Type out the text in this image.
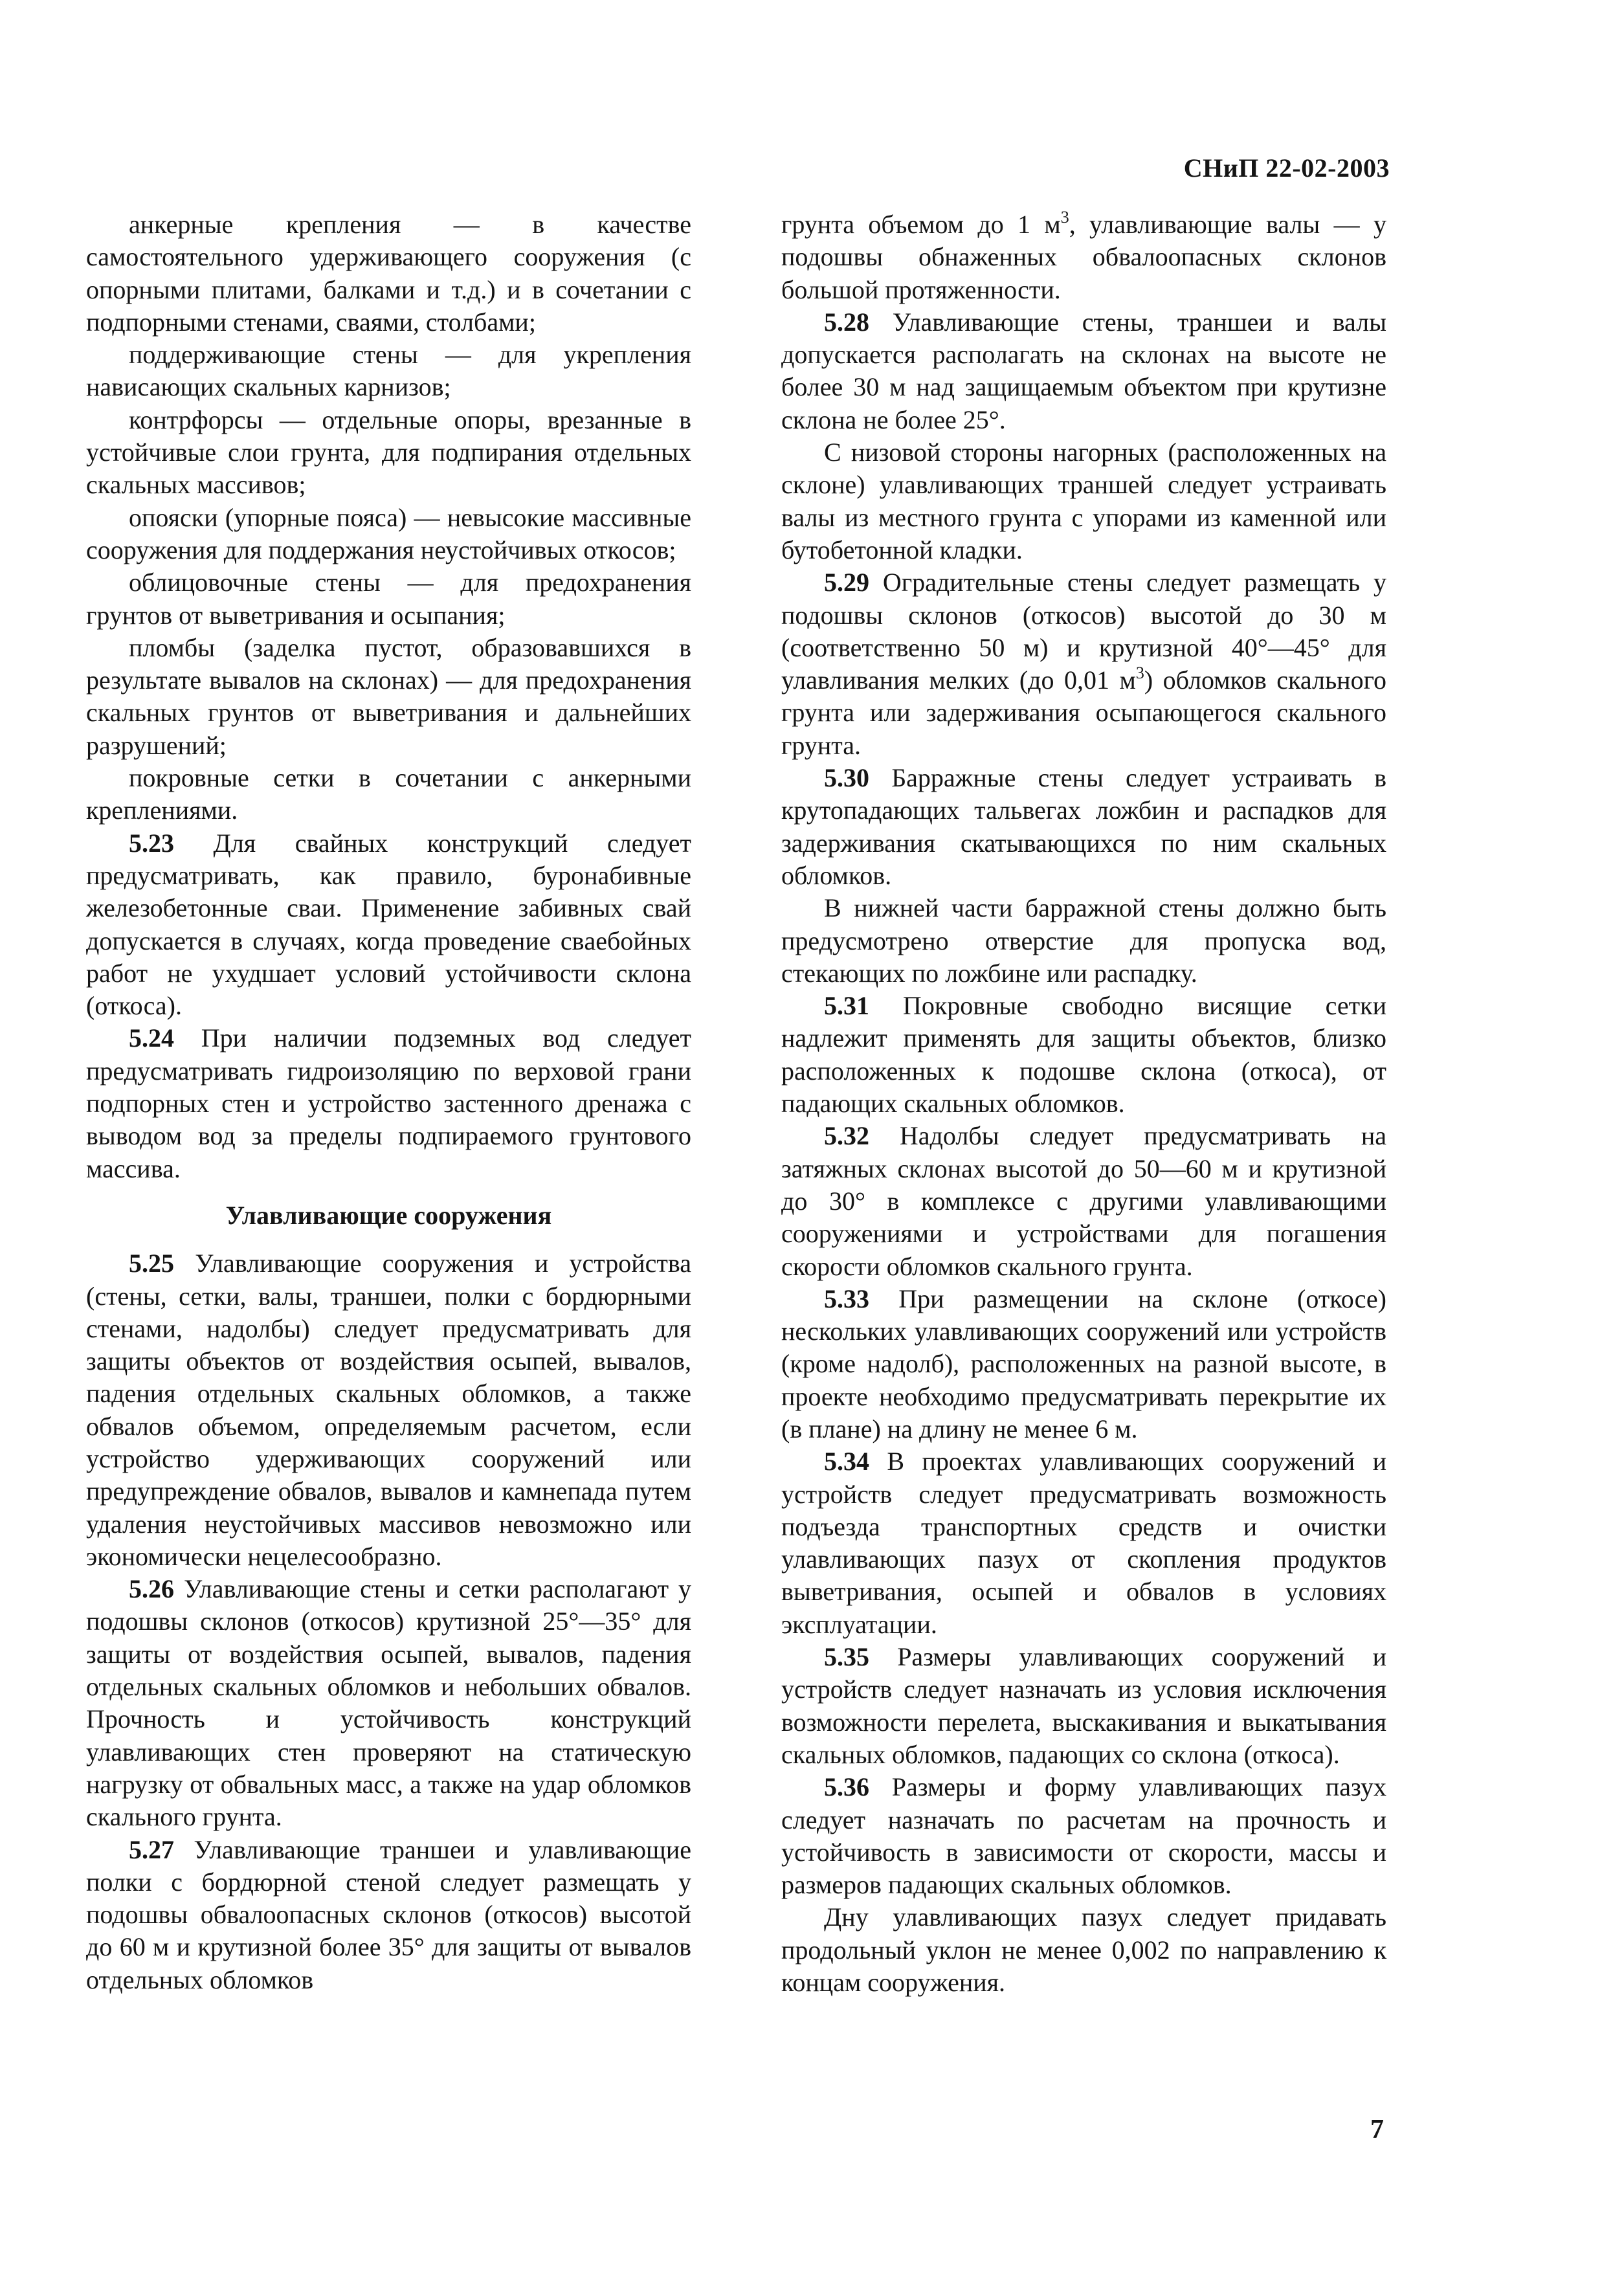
СНиП 22-02-2003

анкерные крепления — в качестве самостоятельного удерживающего сооружения (с опорными плитами, балками и т.д.) и в сочетании с подпорными стенами, сваями, столбами;

поддерживающие стены — для укрепления нависающих скальных карнизов;

контрфорсы — отдельные опоры, врезанные в устойчивые слои грунта, для подпирания отдельных скальных массивов;

опояски (упорные пояса) — невысокие массивные сооружения для поддержания неустойчивых откосов;

облицовочные стены — для предохранения грунтов от выветривания и осыпания;

пломбы (заделка пустот, образовавшихся в результате вывалов на склонах) — для предохранения скальных грунтов от выветривания и дальнейших разрушений;

покровные сетки в сочетании с анкерными креплениями.

5.23 Для свайных конструкций следует предусматривать, как правило, буронабивные железобетонные сваи. Применение забивных свай допускается в случаях, когда проведение свaебойных работ не ухудшает условий устойчивости склона (откоса).

5.24 При наличии подземных вод следует предусматривать гидроизоляцию по верховой грани подпорных стен и устройство застенного дренажа с выводом вод за пределы подпираемого грунтового массива.

Улавливающие сооружения

5.25 Улавливающие сооружения и устройства (стены, сетки, валы, траншеи, полки с бордюрными стенами, надолбы) следует предусматривать для защиты объектов от воздействия осыпей, вывалов, падения отдельных скальных обломков, а также обвалов объемом, определяемым расчетом, если устройство удерживающих сооружений или предупреждение обвалов, вывалов и камнепада путем удаления неустойчивых массивов невозможно или экономически нецелесообразно.

5.26 Улавливающие стены и сетки располагают у подошвы склонов (откосов) крутизной 25°—35° для защиты от воздействия осыпей, вывалов, падения отдельных скальных обломков и небольших обвалов. Прочность и устойчивость конструкций улавливающих стен проверяют на статическую нагрузку от обвальных масс, а также на удар обломков скального грунта.

5.27 Улавливающие траншеи и улавливающие полки с бордюрной стеной следует размещать у подошвы обвалоопасных склонов (откосов) высотой до 60 м и крутизной более 35° для защиты от вывалов отдельных обломков

грунта объемом до 1 $м^3$, улавливающие валы — у подошвы обнаженных обвалоопасных склонов большой протяженности.

5.28 Улавливающие стены, траншеи и валы допускается располагать на склонах на высоте не более 30 м над защищаемым объектом при крутизне склона не более 25°.

С низовой стороны нагорных (расположенных на склоне) улавливающих траншей следует устраивать валы из местного грунта с упорами из каменной или бутобетонной кладки.

5.29 Оградительные стены следует размещать у подошвы склонов (откосов) высотой до 30 м (соответственно 50 м) и крутизной 40°—45° для улавливания мелких (до 0,01 $м^3$) обломков скального грунта или задерживания осыпающегося скального грунта.

5.30 Барражные стены следует устраивать в крутопадающих тальвегах ложбин и распадков для задерживания скатывающихся по ним скальных обломков.

В нижней части барражной стены должно быть предусмотрено отверстие для пропуска вод, стекающих по ложбине или распадку.

5.31 Покровные свободно висящие сетки надлежит применять для защиты объектов, близко расположенных к подошве склона (откоса), от падающих скальных обломков.

5.32 Надолбы следует предусматривать на затяжных склонах высотой до 50—60 м и крутизной до 30° в комплексе с другими улавливающими сооружениями и устройствами для погашения скорости обломков скального грунта.

5.33 При размещении на склоне (откосе) нескольких улавливающих сооружений или устройств (кроме надолб), расположенных на разной высоте, в проекте необходимо предусматривать перекрытие их (в плане) на длину не менее 6 м.

5.34 В проектах улавливающих сооружений и устройств следует предусматривать возможность подъезда транспортных средств и очистки улавливающих пазух от скопления продуктов выветривания, осыпей и обвалов в условиях эксплуатации.

5.35 Размеры улавливающих сооружений и устройств следует назначать из условия исключения возможности перелета, выскакивания и выкатывания скальных обломков, падающих со склона (откоса).

5.36 Размеры и форму улавливающих пазух следует назначать по расчетам на прочность и устойчивость в зависимости от скорости, массы и размеров падающих скальных обломков.

Дну улавливающих пазух следует придавать продольный уклон не менее 0,002 по направлению к концам сооружения.

7
